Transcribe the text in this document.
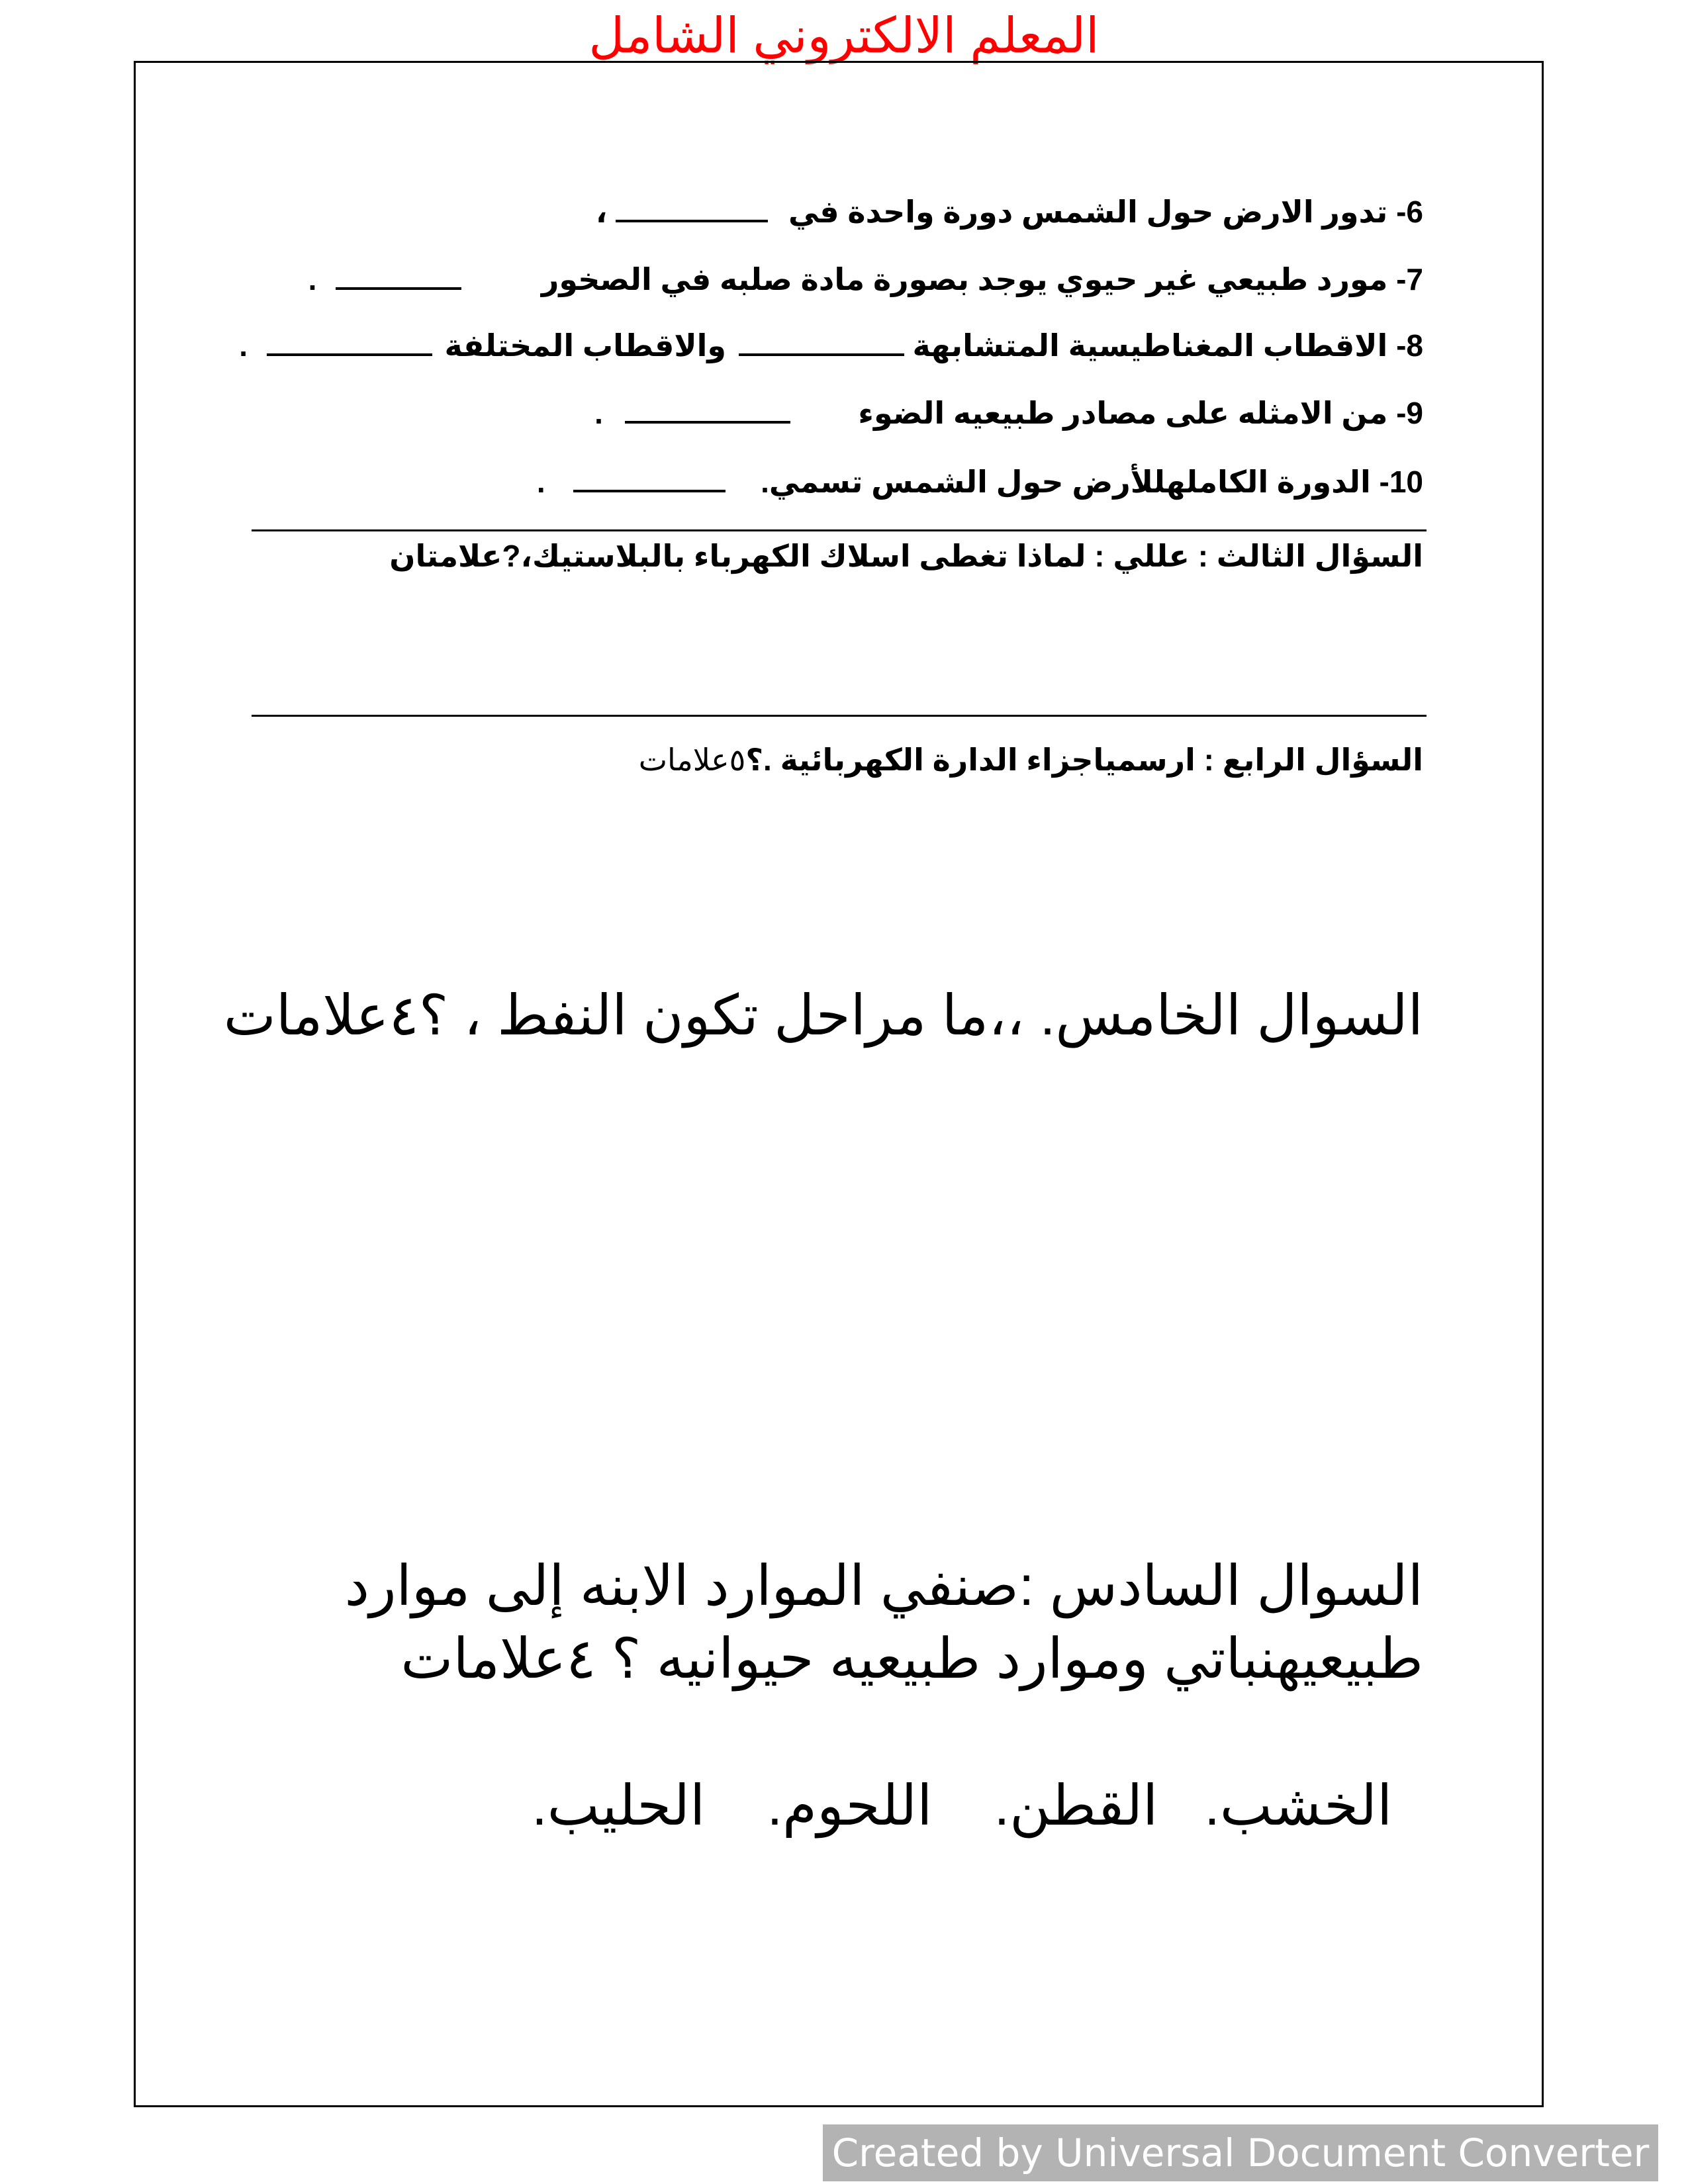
المعلم الالكتروني الشامل
6- تدور الارض حول الشمس دورة واحدة في  ،
7- مورد طبيعي غير حيوي يوجد بصورة مادة صلبه في الصخور  .
8- الاقطاب المغناطيسية المتشابهة  والاقطاب المختلفة  .
9- من الامثله على مصادر طبيعيه الضوء  .
10- الدورة الكاملهللأرض حول الشمس تسمي.  .
السؤال الثالث : عللي : لماذا تغطى اسلاك الكهرباء بالبلاستيك،?علامتان
السؤال الرابع : ارسمياجزاء الدارة الكهربائية .؟٥علامات
السوال الخامس. ،،ما مراحل تكون النفط ، ؟٤علامات
السوال السادس :صنفي الموارد الابنه إلى موارد
طبيعيهنباتي وموارد طبيعيه حيوانيه ؟ ٤علامات

الخشب.   القطن.    اللحوم.    الحليب.

Created by Universal Document Converter
